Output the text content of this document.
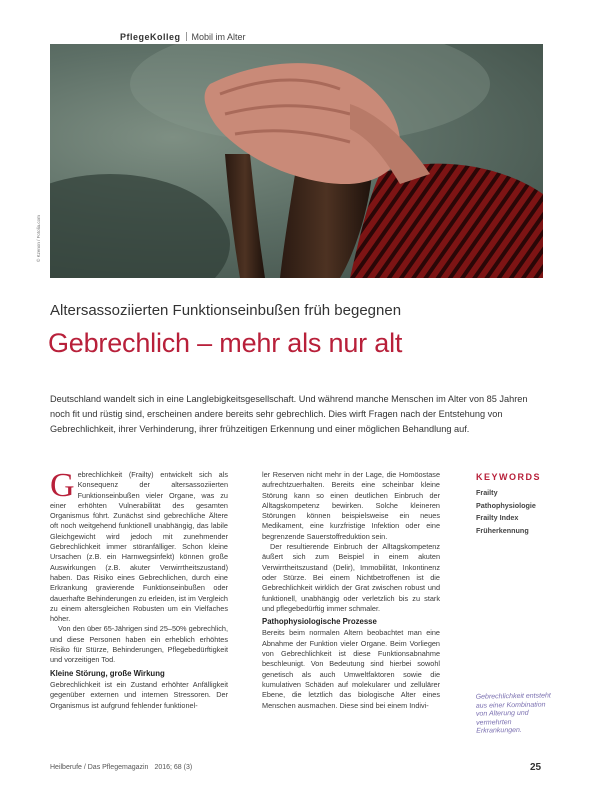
PflegeKolleg Mobil im Alter
© Kzenon / Fotolia.com
Altersassoziierten Funktionseinbußen früh begegnen
Gebrechlich – mehr als nur alt

Deutschland wandelt sich in eine Langlebigkeitsgesellschaft. Und während manche Menschen im Alter von 85 Jahren noch fit und rüstig sind, erscheinen andere bereits sehr gebrechlich. Dies wirft Fragen nach der Entstehung von Gebrechlichkeit, ihrer Verhinderung, ihrer frühzeitigen Erkennung und einer möglichen Behandlung auf.

Gebrechlichkeit (Frailty) entwickelt sich als Konsequenz der altersassoziierten Funktionseinbußen vieler Organe, was zu einer erhöhten Vulnerabilität des gesamten Organismus führt. Zunächst sind gebrechliche Ältere oft noch weitgehend funktionell unabhängig, das labile Gleichgewicht wird jedoch mit zunehmender Gebrechlichkeit immer störanfälliger. Schon kleine Ursachen (z.B. ein Harnwegsinfekt) können große Auswirkungen (z.B. akuter Verwirrtheitszustand) haben. Das Risiko eines Gebrechlichen, durch eine Erkrankung gravierende Funktionseinbußen oder dauerhafte Behinderungen zu erleiden, ist im Vergleich zu einem altersgleichen Robusten um ein Vielfaches höher.

Von den über 65-Jährigen sind 25–50% gebrechlich, und diese Personen haben ein erheblich erhöhtes Risiko für Stürze, Behinderungen, Pflegebedürftigkeit und vorzeitigen Tod.

Kleine Störung, große Wirkung

Gebrechlichkeit ist ein Zustand erhöhter Anfälligkeit gegenüber externen und internen Stressoren. Der Organismus ist aufgrund fehlender funktionel-

ler Reserven nicht mehr in der Lage, die Homöostase aufrechtzuerhalten. Bereits eine scheinbar kleine Störung kann so einen deutlichen Einbruch der Alltagskompetenz bewirken. Solche kleineren Störungen können beispielsweise ein neues Medikament, eine kurzfristige Infektion oder eine begrenzende Sauerstoffreduktion sein.

Der resultierende Einbruch der Alltagskompetenz äußert sich zum Beispiel in einem akuten Verwirrtheitszustand (Delir), Immobilität, Inkontinenz oder Stürze. Bei einem Nichtbetroffenen ist die Gebrechlichkeit wirklich der Grat zwischen robust und funktionell, unabhängig oder verletzlich bis zu stark und pflegebedürftig immer schmaler.

Pathophysiologische Prozesse

Bereits beim normalen Altern beobachtet man eine Abnahme der Funktion vieler Organe. Beim Vorliegen von Gebrechlichkeit ist diese Funktionsabnahme beschleunigt. Von Bedeutung sind hierbei sowohl genetisch als auch Umweltfaktoren sowie die kumulativen Schäden auf molekularer und zellulärer Ebene, die letztlich das biologische Alter eines Menschen ausmachen. Diese sind bei einem Indivi-

KEYWORDS
Frailty
Pathophysiologie
Frailty Index
Früherkennung
Gebrechlichkeit entsteht aus einer Kombination von Alterung und vermehrten Erkrankungen.
Heilberufe / Das Pflegemagazin 2016; 68 (3)	25
